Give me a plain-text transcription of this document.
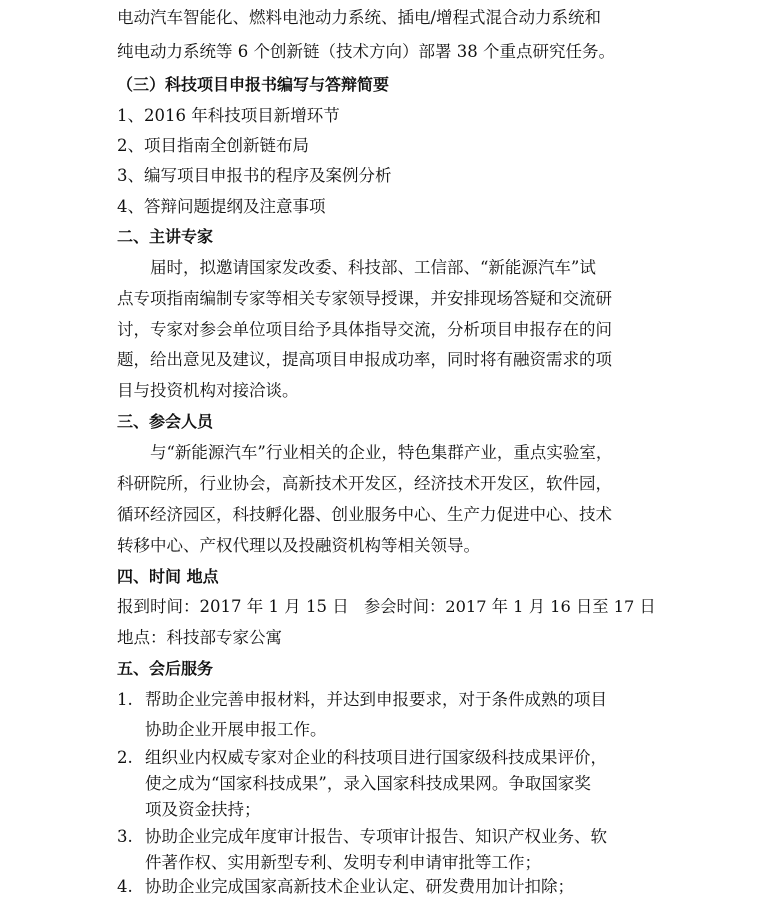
电动汽车智能化、燃料电池动力系统、插电/增程式混合动力系统和
纯电动力系统等 6 个创新链（技术方向）部署 38 个重点研究任务。
（三）科技项目申报书编写与答辩简要
1、2016 年科技项目新增环节
2、项目指南全创新链布局
3、编写项目申报书的程序及案例分析
4、答辩问题提纲及注意事项
二、主讲专家
届时，拟邀请国家发改委、科技部、工信部、“新能源汽车”试
点专项指南编制专家等相关专家领导授课，并安排现场答疑和交流研
讨，专家对参会单位项目给予具体指导交流，分析项目申报存在的问
题，给出意见及建议，提高项目申报成功率，同时将有融资需求的项
目与投资机构对接洽谈。
三、参会人员
与“新能源汽车”行业相关的企业，特色集群产业，重点实验室，
科研院所，行业协会，高新技术开发区，经济技术开发区，软件园，
循环经济园区，科技孵化器、创业服务中心、生产力促进中心、技术
转移中心、产权代理以及投融资机构等相关领导。
四、时间 地点
报到时间：2017 年 1 月 15 日 参会时间：2017 年 1 月 16 日至 17 日
地点：科技部专家公寓
五、会后服务
1. 帮助企业完善申报材料，并达到申报要求，对于条件成熟的项目
协助企业开展申报工作。
2. 组织业内权威专家对企业的科技项目进行国家级科技成果评价，
使之成为“国家科技成果”，录入国家科技成果网。争取国家奖
项及资金扶持；
3. 协助企业完成年度审计报告、专项审计报告、知识产权业务、软
件著作权、实用新型专利、发明专利申请审批等工作；
4. 协助企业完成国家高新技术企业认定、研发费用加计扣除；
